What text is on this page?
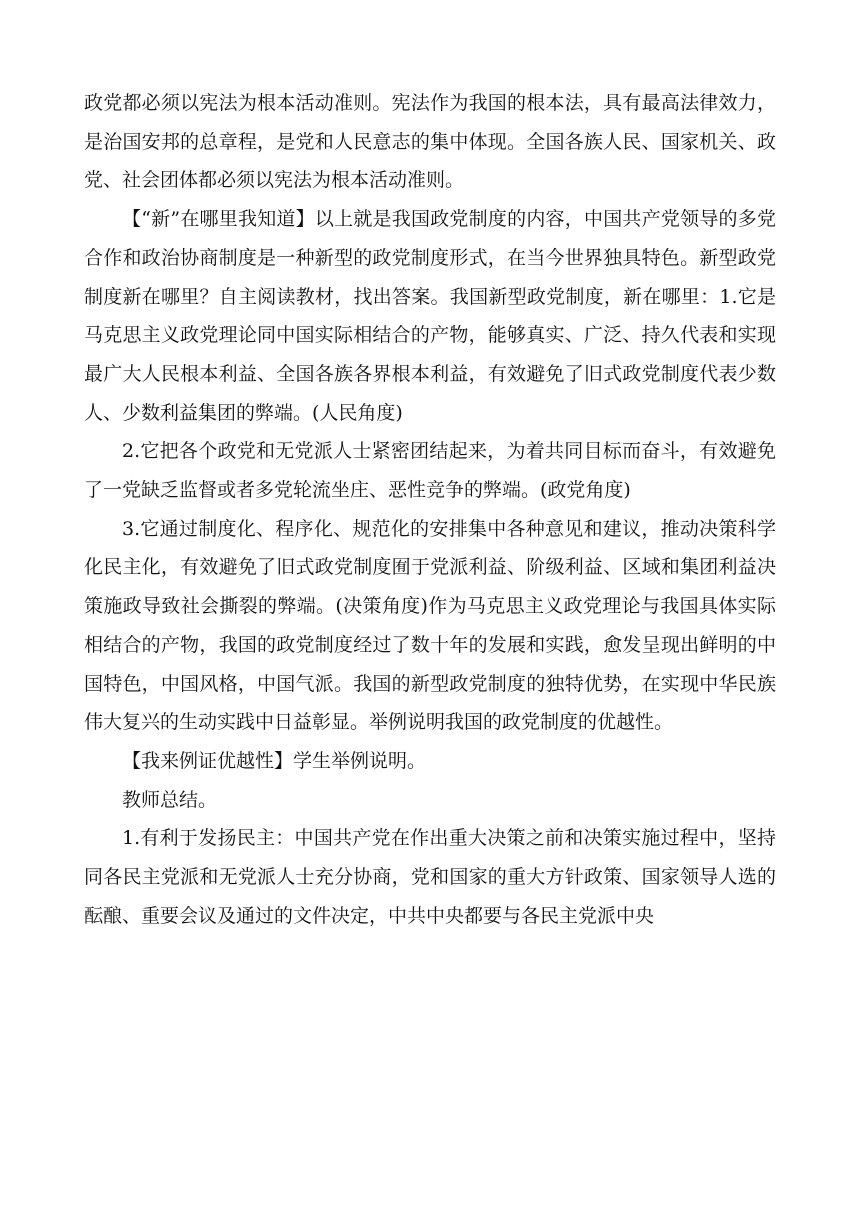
政党都必须以宪法为根本活动准则。宪法作为我国的根本法，具有最高法律效力，是治国安邦的总章程，是党和人民意志的集中体现。全国各族人民、国家机关、政党、社会团体都必须以宪法为根本活动准则。

【“新”在哪里我知道】以上就是我国政党制度的内容，中国共产党领导的多党合作和政治协商制度是一种新型的政党制度形式，在当今世界独具特色。新型政党制度新在哪里？自主阅读教材，找出答案。我国新型政党制度，新在哪里：1.它是马克思主义政党理论同中国实际相结合的产物，能够真实、广泛、持久代表和实现最广大人民根本利益、全国各族各界根本利益，有效避免了旧式政党制度代表少数人、少数利益集团的弊端。(人民角度)

2.它把各个政党和无党派人士紧密团结起来，为着共同目标而奋斗，有效避免了一党缺乏监督或者多党轮流坐庄、恶性竞争的弊端。(政党角度)

3.它通过制度化、程序化、规范化的安排集中各种意见和建议，推动决策科学化民主化，有效避免了旧式政党制度囿于党派利益、阶级利益、区域和集团利益决策施政导致社会撕裂的弊端。(决策角度)作为马克思主义政党理论与我国具体实际相结合的产物，我国的政党制度经过了数十年的发展和实践，愈发呈现出鲜明的中国特色，中国风格，中国气派。我国的新型政党制度的独特优势，在实现中华民族伟大复兴的生动实践中日益彰显。举例说明我国的政党制度的优越性。

【我来例证优越性】学生举例说明。

教师总结。

1.有利于发扬民主：中国共产党在作出重大决策之前和决策实施过程中，坚持同各民主党派和无党派人士充分协商，党和国家的重大方针政策、国家领导人选的酝酿、重要会议及通过的文件决定，中共中央都要与各民主党派中央
